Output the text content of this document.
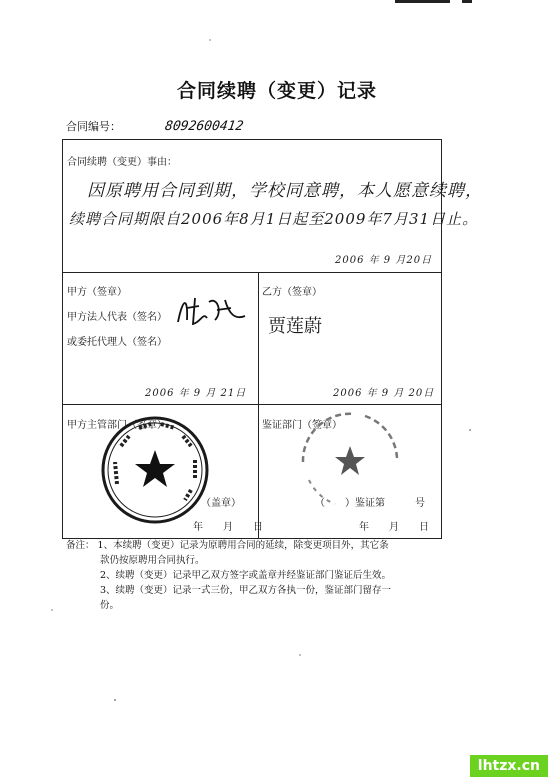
合同续聘（变更）记录
合同编号：	8092600412
合同续聘（变更）事由：
因原聘用合同到期，学校同意聘，本人愿意续聘，
续聘合同期限自2006年8月1日起至2009年7月31日止。
2006 年 9 月20日
甲方（签章）
甲方法人代表（签名）
或委托代理人（签名）
2006 年 9 月 21日
乙方（签章）
贾莲蔚
2006 年 9 月 20日
甲方主管部门（签章）
（盖章）
年　　月　　日
鉴证部门（签章）
（　　）鉴证第　　　号
年　　月　　日
备注： 1、本续聘（变更）记录为原聘用合同的延续，除变更项目外，其它条
款仍按原聘用合同执行。
2、续聘（变更）记录甲乙双方签字或盖章并经鉴证部门鉴证后生效。
3、续聘（变更）记录一式三份，甲乙双方各执一份，鉴证部门留存一
份。
lhtzx.cn
